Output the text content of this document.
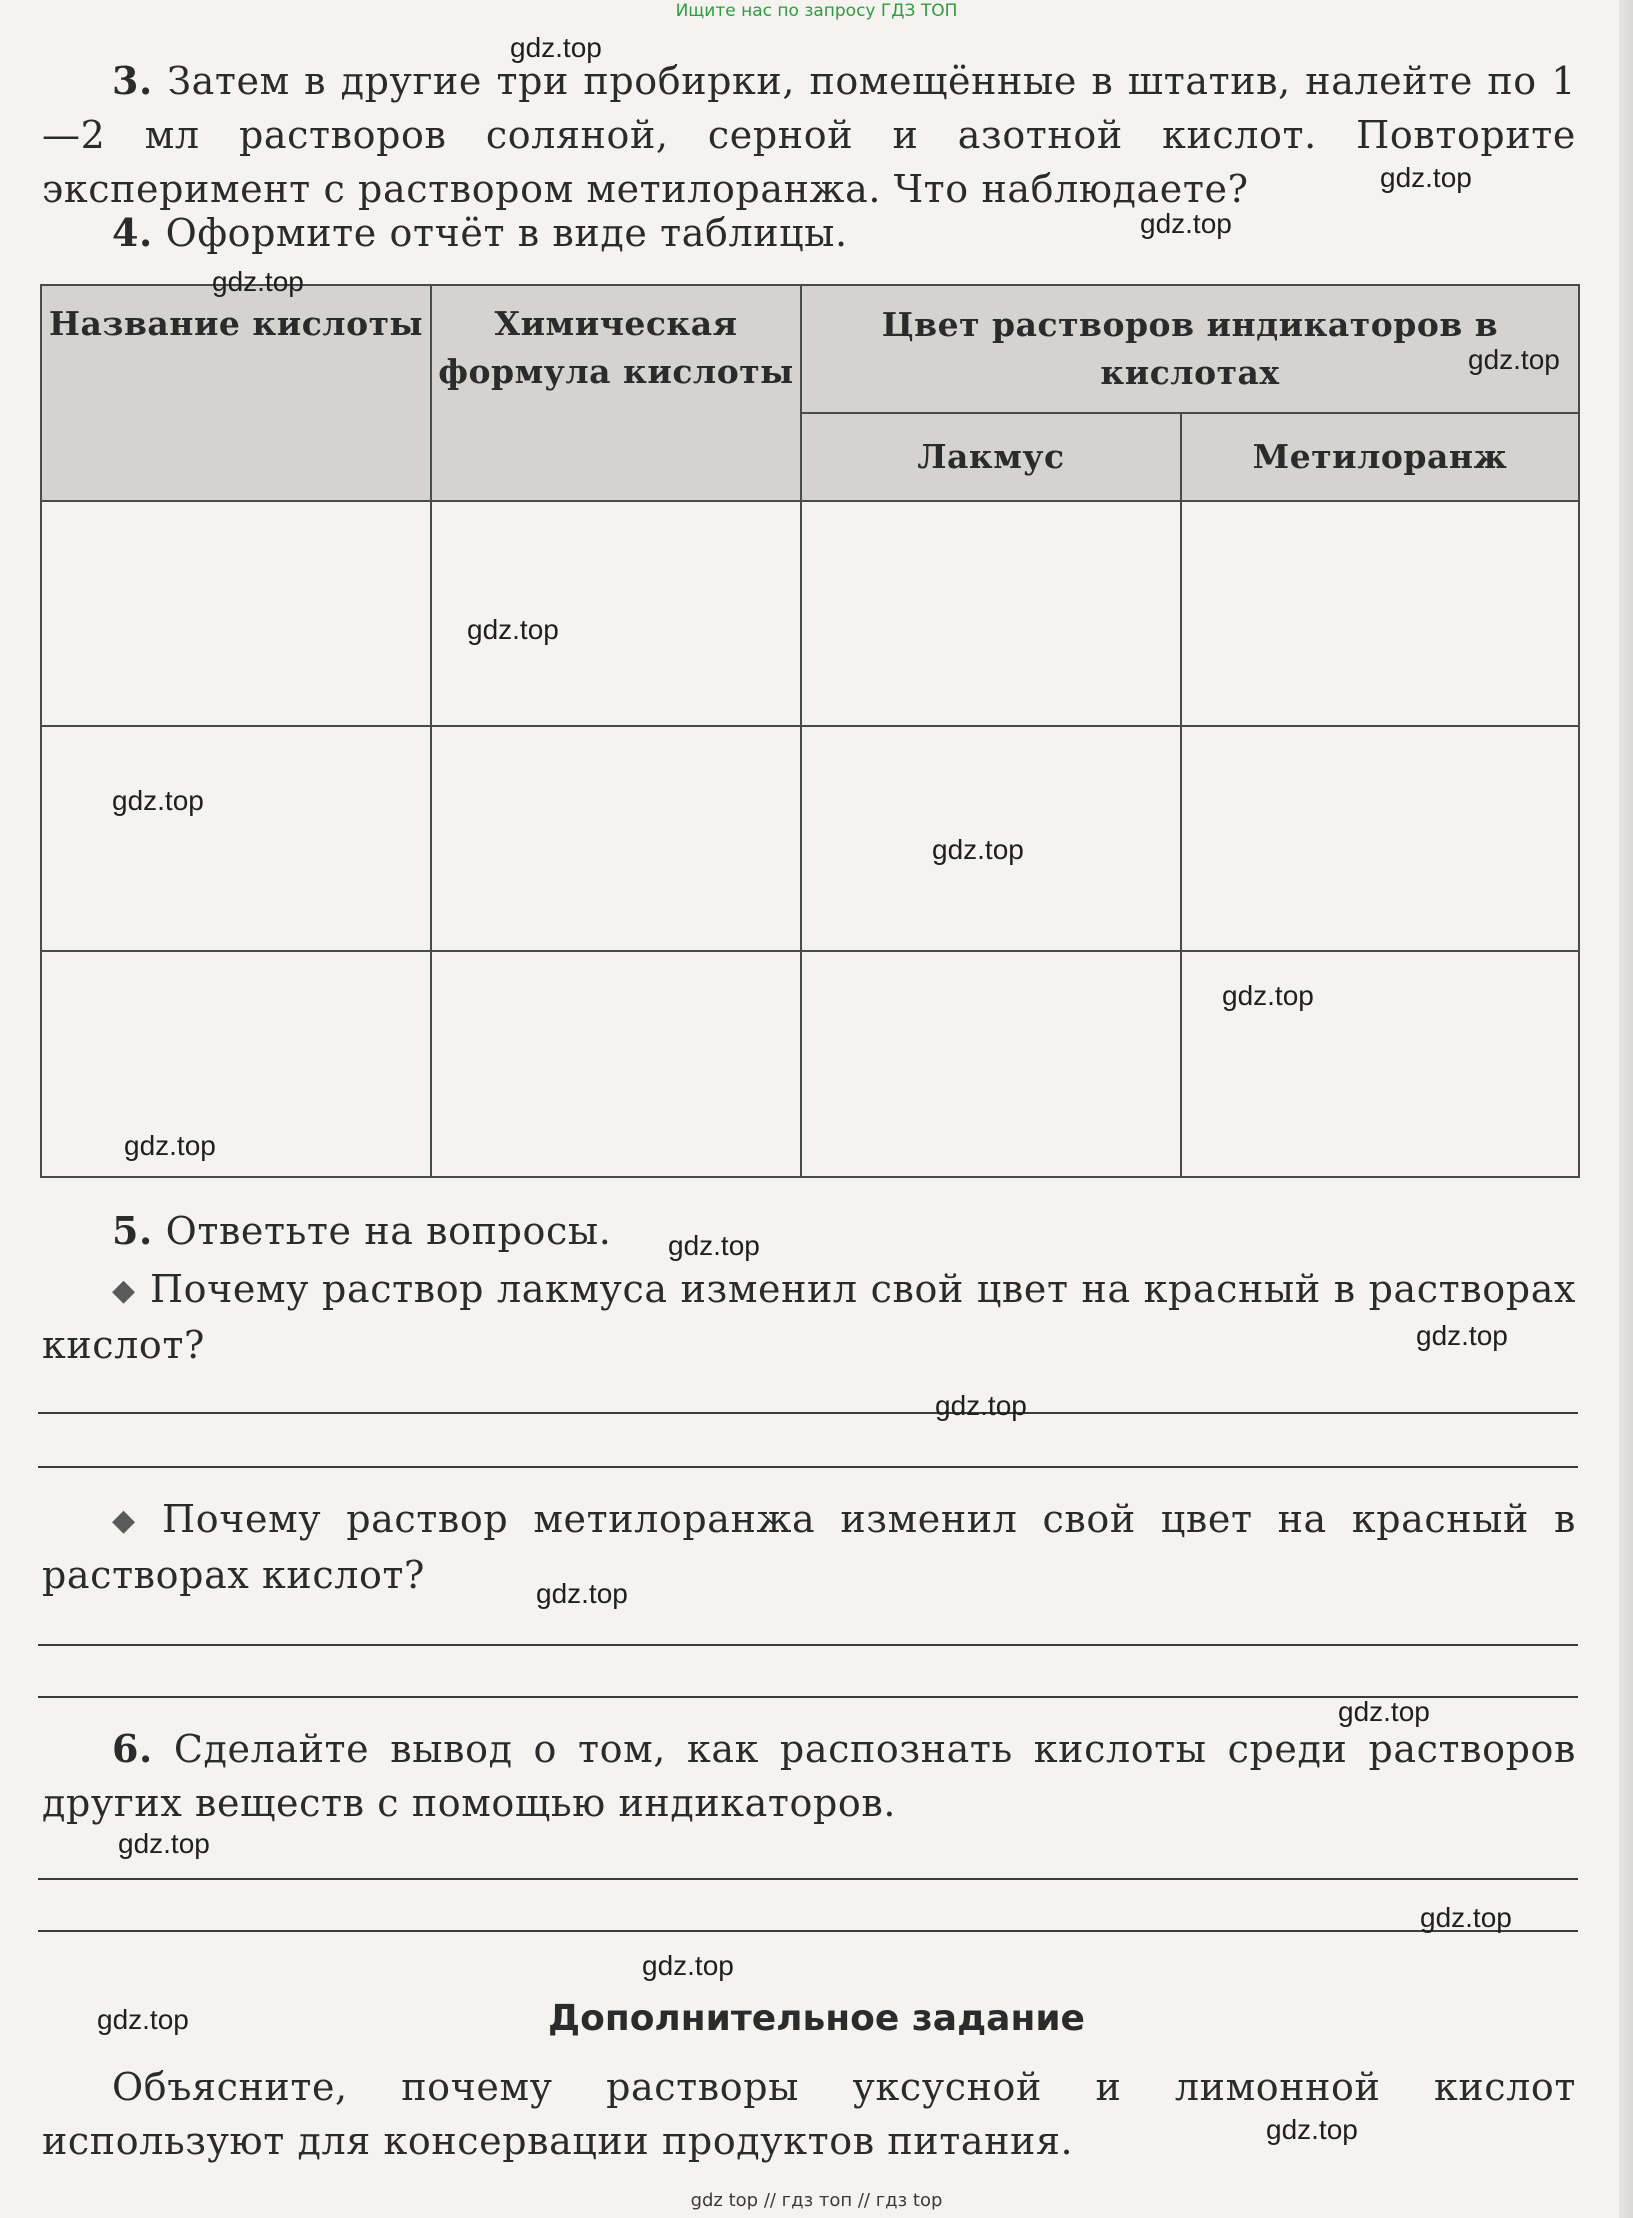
Ищите нас по запросу ГДЗ ТОП
3. Затем в другие три пробирки, помещённые в штатив, налейте по 1—2 мл растворов соляной, серной и азотной кислот. Повторите эксперимент с раствором метилоранжа. Что наблюдаете?
4. Оформите отчёт в виде таблицы.
Название кислоты	Химическая формула кислоты	Цвет растворов индикаторов в кислотах	
		Лакмус	Метилоранж

5. Ответьте на вопросы.
◆ Почему раствор лакмуса изменил свой цвет на красный в растворах кислот?
◆ Почему раствор метилоранжа изменил свой цвет на красный в растворах кислот?
6. Сделайте вывод о том, как распознать кислоты среди растворов других веществ с помощью индикаторов.
Дополнительное задание
Объясните, почему растворы уксусной и лимонной кислот используют для консервации продуктов питания.
gdz.top
gdz.top
gdz.top
gdz.top
gdz.top
gdz.top
gdz.top
gdz.top
gdz.top
gdz.top
gdz.top
gdz.top
gdz.top
gdz.top
gdz.top
gdz.top
gdz.top
gdz.top
gdz.top
gdz.top
gdz top // гдз топ // гдз top
